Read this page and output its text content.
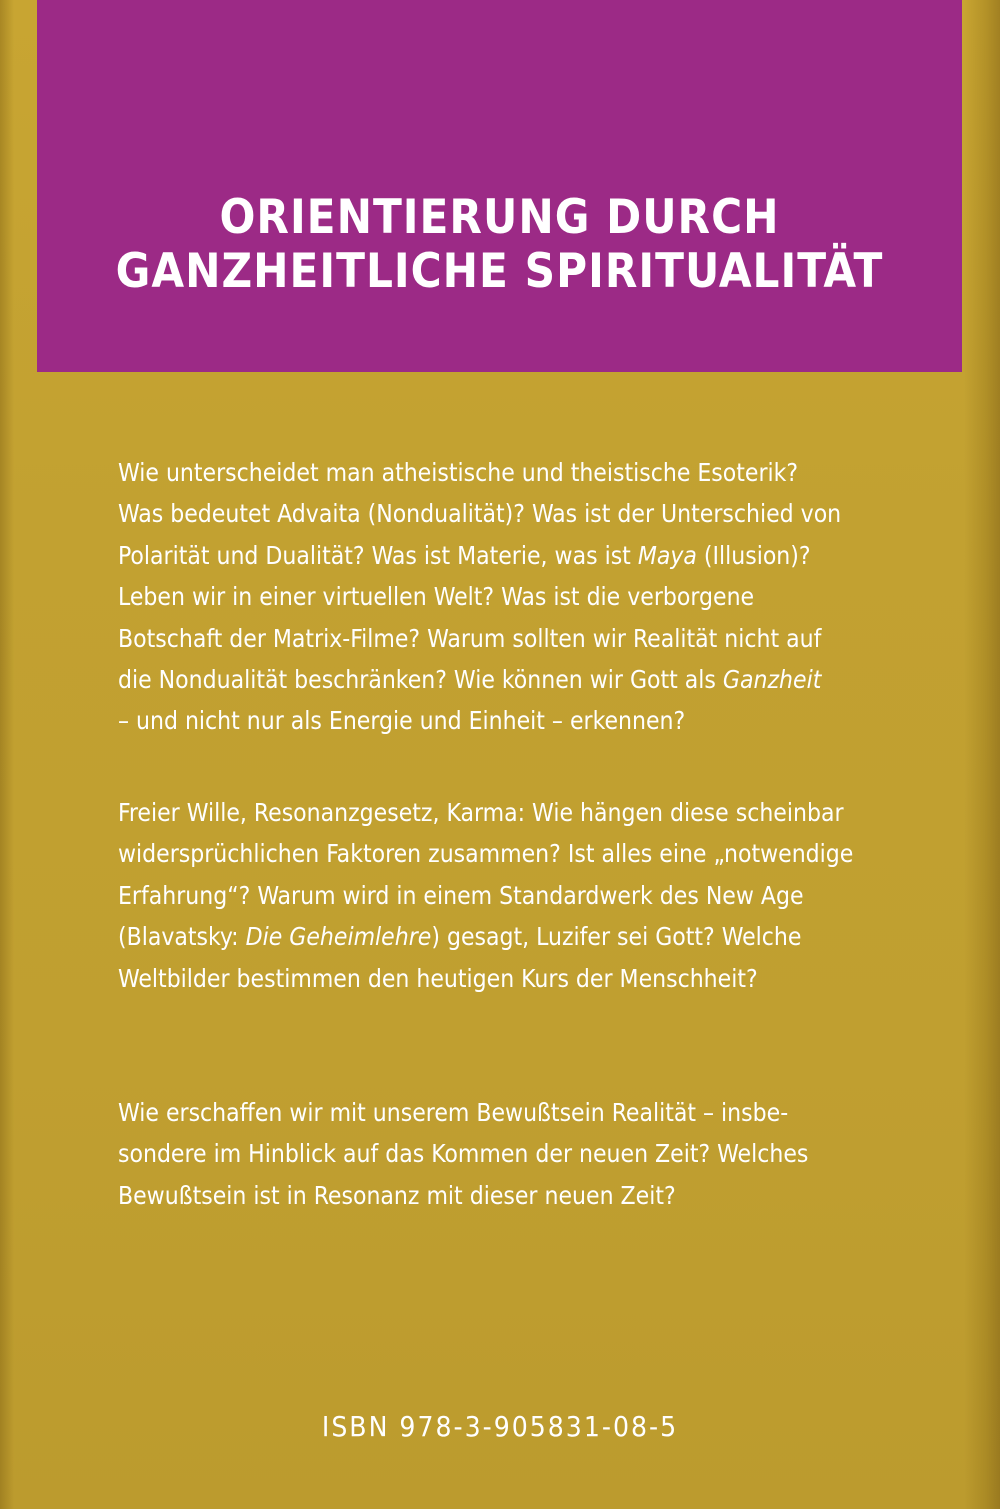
ORIENTIERUNG DURCH
GANZHEITLICHE SPIRITUALITÄT
Wie unterscheidet man atheistische und theistische Esoterik?
Was bedeutet Advaita (Nondualität)? Was ist der Unterschied von
Polarität und Dualität? Was ist Materie, was ist Maya (Illusion)?
Leben wir in einer virtuellen Welt? Was ist die verborgene
Botschaft der Matrix-Filme? Warum sollten wir Realität nicht auf
die Nondualität beschränken? Wie können wir Gott als Ganzheit
– und nicht nur als Energie und Einheit – erkennen?
Freier Wille, Resonanzgesetz, Karma: Wie hängen diese scheinbar
widersprüchlichen Faktoren zusammen? Ist alles eine „notwendige
Erfahrung“? Warum wird in einem Standardwerk des New Age
(Blavatsky: Die Geheimlehre) gesagt, Luzifer sei Gott? Welche
Weltbilder bestimmen den heutigen Kurs der Menschheit?
Wie erschaffen wir mit unserem Bewußtsein Realität – insbe-
sondere im Hinblick auf das Kommen der neuen Zeit? Welches
Bewußtsein ist in Resonanz mit dieser neuen Zeit?
ISBN 978-3-905831-08-5
